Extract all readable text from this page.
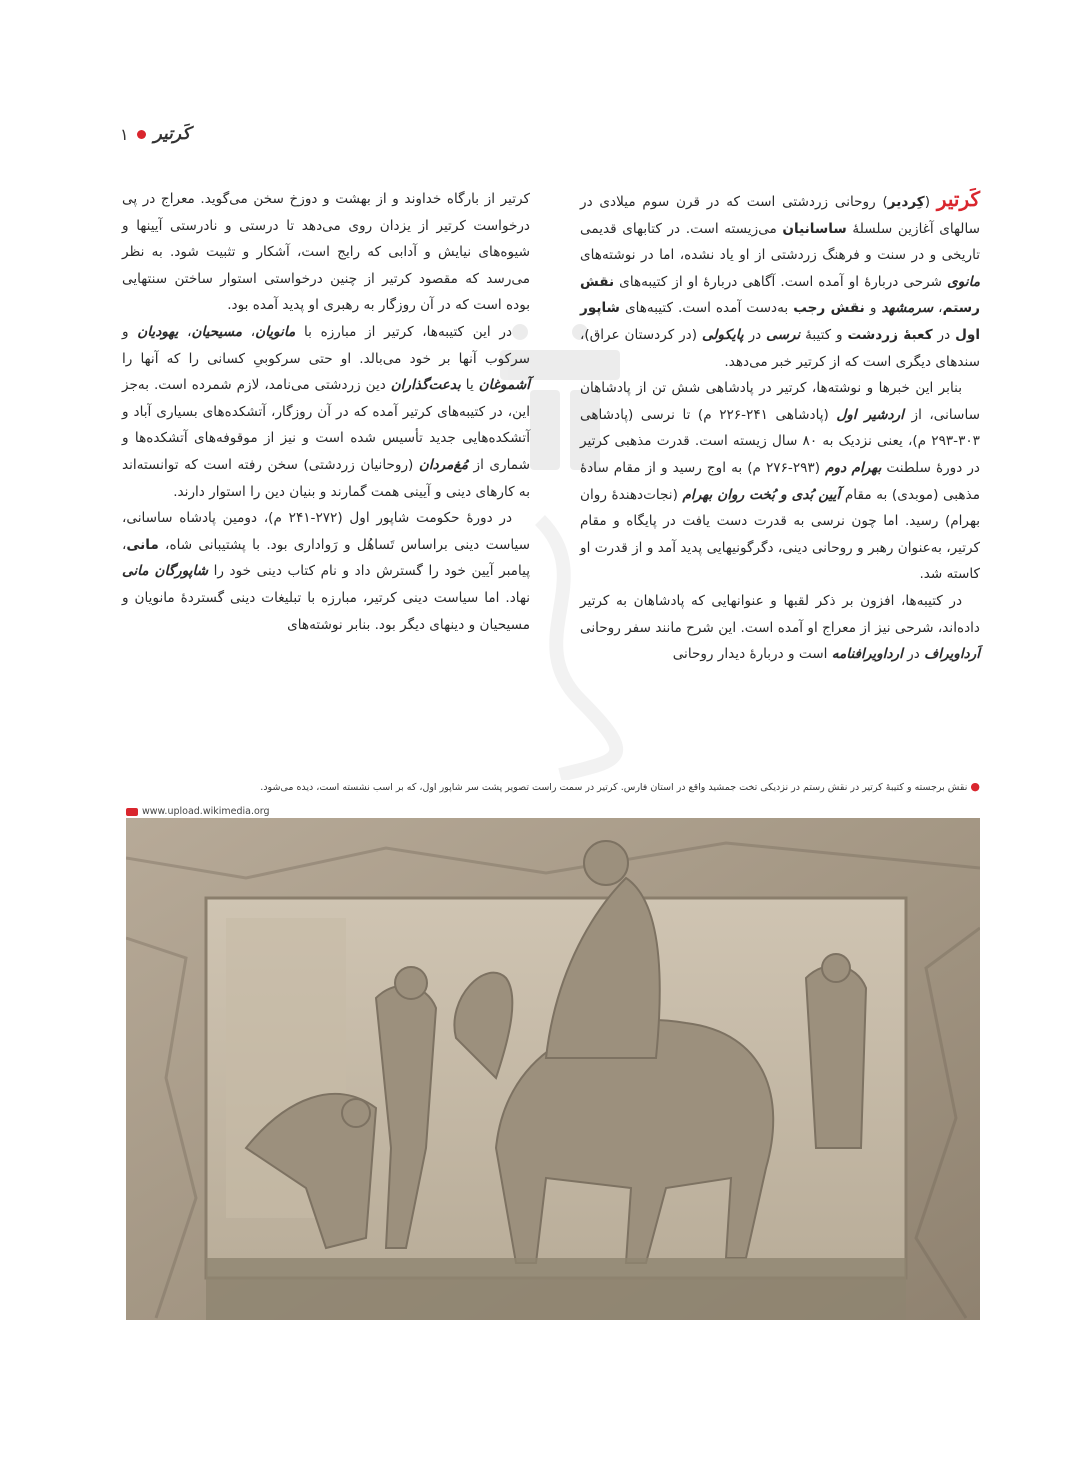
کَرتیر
۱

کَرتیر (کِردیر) روحانی زردشتی است که در قرن سوم میلادی در سالهای آغازین سلسلهٔ ساسانیان می‌زیسته است. در کتابهای قدیمی تاریخی و در سنت و فرهنگ زردشتی از او یاد نشده، اما در نوشته‌های مانوی شرحی دربارهٔ او آمده است. آگاهی دربارهٔ او از کتیبه‌های نقش رستم، سرمشهد و نقش رجب به‌دست آمده است. کتیبه‌های شاپور اول در کعبهٔ زردشت و کتیبهٔ نرسی در پایکولی (در کردستان عراق)، سندهای دیگری است که از کرتیر خبر می‌دهد.

بنابر این خبرها و نوشته‌ها، کرتیر در پادشاهی شش تن از پادشاهان ساسانی، از اردشیر اول (پادشاهی ۲۴۱-۲۲۶ م) تا نرسی (پادشاهی ۳۰۳-۲۹۳ م)، یعنی نزدیک به ۸۰ سال زیسته است. قدرت مذهبی کرتیر در دورهٔ سلطنت بهرام دوم (۲۹۳-۲۷۶ م) به اوج رسید و از مقام سادهٔ مذهبی (موبدی) به مقام آیین بُدی و بُخت روان بهرام (نجات‌دهندهٔ روان بهرام) رسید. اما چون نرسی به قدرت دست یافت در پایگاه و مقام کرتیر، به‌عنوان رهبر و روحانی دینی، دگرگونیهایی پدید آمد و از قدرت او کاسته شد.

در کتیبه‌ها، افزون بر ذکر لقبها و عنوانهایی که پادشاهان به کرتیر داده‌اند، شرحی نیز از معراج او آمده است. این شرح مانند سفر روحانی اَرداویراف در ارداویرافنامه است و دربارهٔ دیدار روحانی

کرتیر از بارگاه خداوند و از بهشت و دوزخ سخن می‌گوید. معراج در پی درخواست کرتیر از یزدان روی می‌دهد تا درستی و نادرستی آیینها و شیوه‌های نیایش و آدابی که رایج است، آشکار و تثبیت شود. به نظر می‌رسد که مقصود کرتیر از چنین درخواستی استوار ساختن سنتهایی بوده است که در آن روزگار به رهبری او پدید آمده بود.

در این کتیبه‌ها، کرتیر از مبارزه با مانویان، مسیحیان، یهودیان و سرکوب آنها بر خود می‌بالد. او حتی سرکوبیِ کسانی را که آنها را آشموغان یا بدعت‌گذاران دین زردشتی می‌نامد، لازم شمرده است. به‌جز این، در کتیبه‌های کرتیر آمده که در آن روزگار، آتشکده‌های بسیاری آباد و آتشکده‌هایی جدید تأسیس شده است و نیز از موقوفه‌های آتشکده‌ها و شماری از مُغ‌مردان (روحانیان زردشتی) سخن رفته است که توانسته‌اند به کارهای دینی و آیینی همت گمارند و بنیان دین را استوار دارند.

در دورهٔ حکومت شاپور اول (۲۷۲-۲۴۱ م)، دومین پادشاه ساسانی، سیاست دینی براساس تَساهُل و رَواداری بود. با پشتیبانی شاه، مانی، پیامبر آیین خود را گسترش داد و نام کتاب دینی خود را شاپورگان مانی نهاد. اما سیاست دینی کرتیر، مبارزه با تبلیغات دینی گستردهٔ مانویان و مسیحیان و دینهای دیگر بود. بنابر نوشته‌های

● نقش برجسته و کتیبهٔ کرتیر در نقش رستم در نزدیکی تخت جمشید واقع در استان فارس. کرتیر در سمت راست تصویر پشت سر شاپور اول، که بر اسب نشسته است، دیده می‌شود.
www.upload.wikimedia.org
